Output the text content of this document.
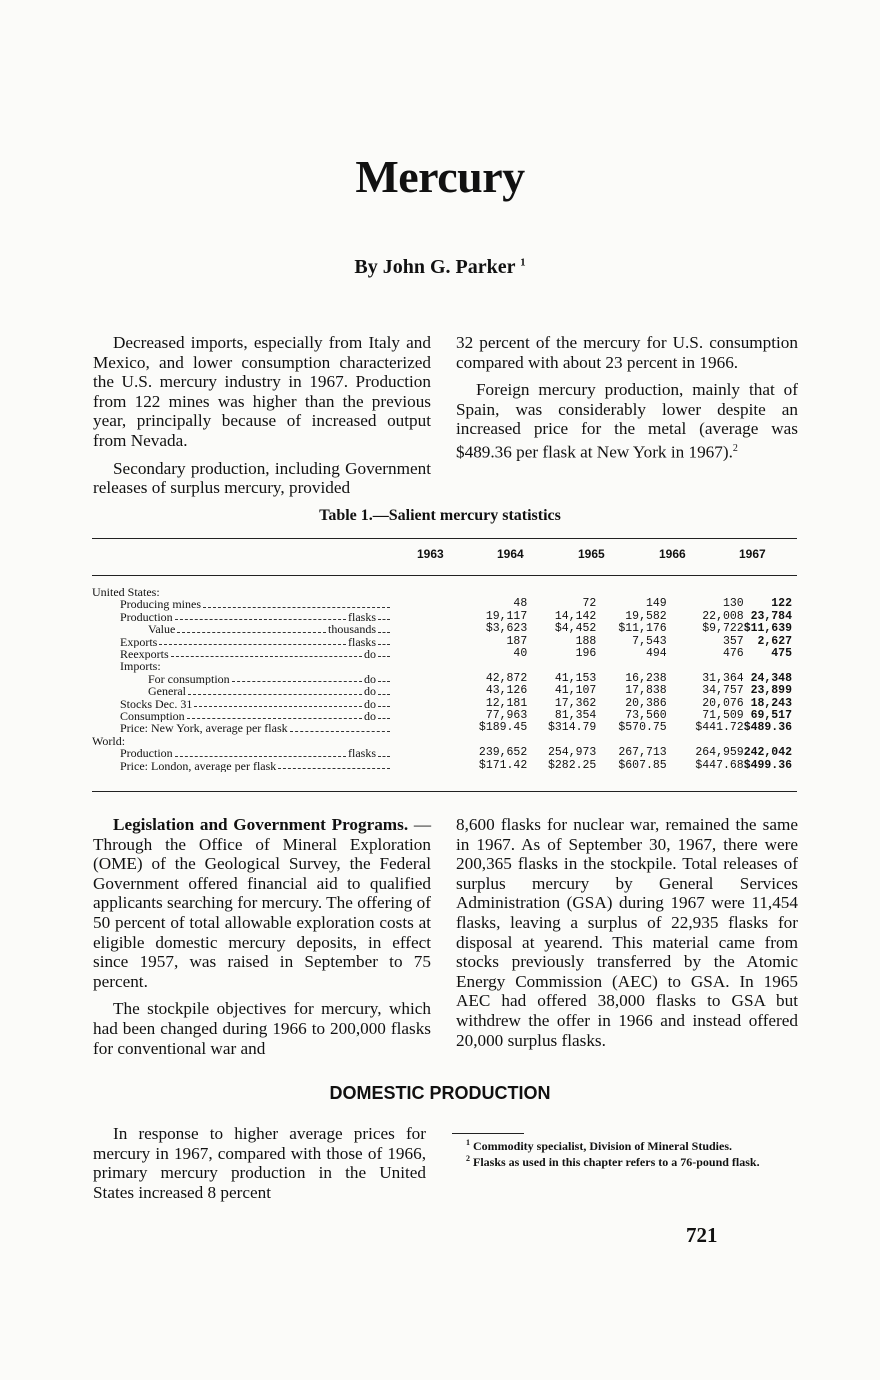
Mercury
By John G. Parker $^1$

Decreased imports, especially from Italy and Mexico, and lower consumption characterized the U.S. mercury industry in 1967. Production from 122 mines was higher than the previous year, principally because of increased output from Nevada.

Secondary production, including Government releases of surplus mercury, provided

32 percent of the mercury for U.S. consumption compared with about 23 percent in 1966.

Foreign mercury production, mainly that of Spain, was considerably lower despite an increased price for the metal (average was $489.36 per flask at New York in 1967).$^2$

Table 1.—Salient mercury statistics
1963	1964	1965	1966	1967
United States:						

Producing mines		48	72	149	130	122

Production flasks		19,117	14,142	19,582	22,008	23,784

Value thousands		$3,623	$4,452	$11,176	$9,722	$11,639

Exports flasks		187	188	7,543	357	2,627

Reexports do		40	196	494	476	475

Imports:						

For consumption do		42,872	41,153	16,238	31,364	24,348

General do		43,126	41,107	17,838	34,757	23,899

Stocks Dec. 31 do		12,181	17,362	20,386	20,076	18,243

Consumption do		77,963	81,354	73,560	71,509	69,517

Price: New York, average per flask		$189.45	$314.79	$570.75	$441.72	$489.36

World:						

Production flasks		239,652	254,973	267,713	264,959	242,042

Price: London, average per flask		$171.42	$282.25	$607.85	$447.68	$499.36

Legislation and Government Programs. —Through the Office of Mineral Exploration (OME) of the Geological Survey, the Federal Government offered financial aid to qualified applicants searching for mercury. The offering of 50 percent of total allowable exploration costs at eligible domestic mercury deposits, in effect since 1957, was raised in September to 75 percent.

The stockpile objectives for mercury, which had been changed during 1966 to 200,000 flasks for conventional war and

8,600 flasks for nuclear war, remained the same in 1967. As of September 30, 1967, there were 200,365 flasks in the stockpile. Total releases of surplus mercury by General Services Administration (GSA) during 1967 were 11,454 flasks, leaving a surplus of 22,935 flasks for disposal at yearend. This material came from stocks previously transferred by the Atomic Energy Commission (AEC) to GSA. In 1965 AEC had offered 38,000 flasks to GSA but withdrew the offer in 1966 and instead offered 20,000 surplus flasks.

DOMESTIC PRODUCTION

In response to higher average prices for mercury in 1967, compared with those of 1966, primary mercury production in the United States increased 8 percent

$^1$ Commodity specialist, Division of Mineral Studies.

$^2$ Flasks as used in this chapter refers to a 76-pound flask.

721
